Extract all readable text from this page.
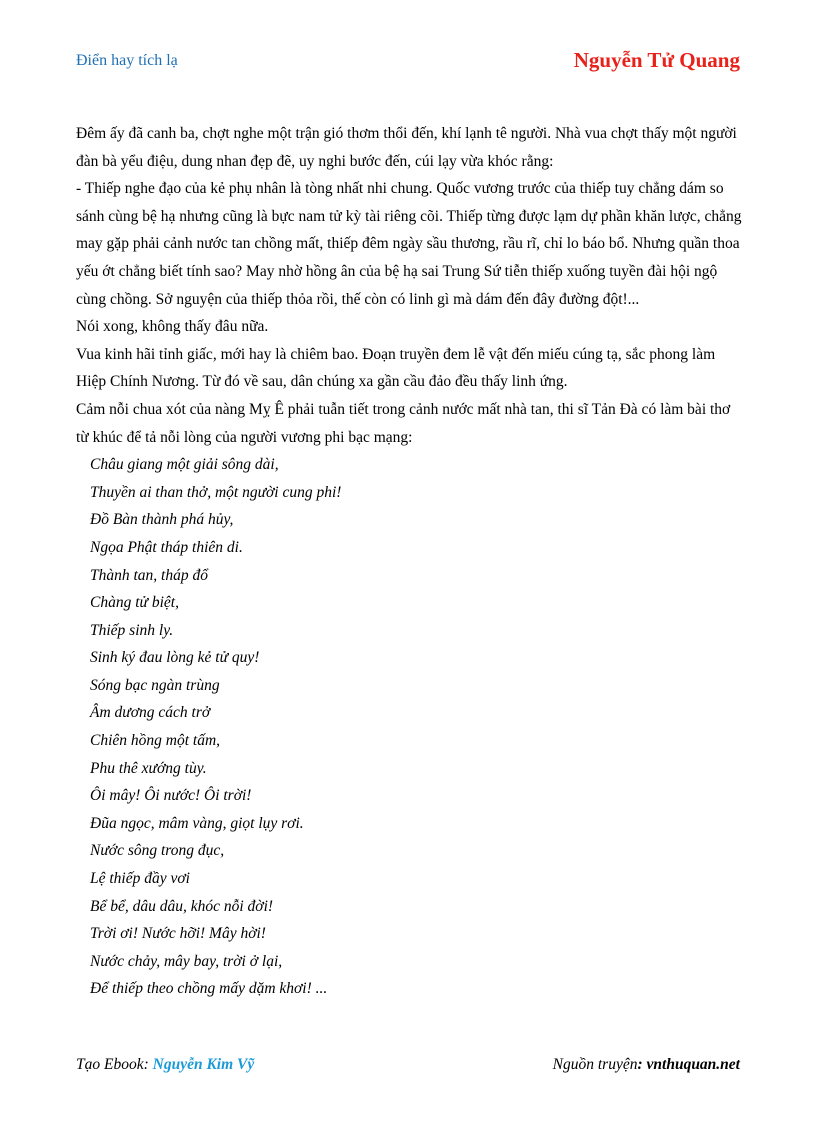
Điển hay tích lạ	Nguyễn Tử Quang

Đêm ấy đã canh ba, chợt nghe một trận gió thơm thổi đến, khí lạnh tê người. Nhà vua chợt thấy một người đàn bà yểu điệu, dung nhan đẹp đẽ, uy nghi bước đến, cúi lạy vừa khóc rằng:

- Thiếp nghe đạo của kẻ phụ nhân là tòng nhất nhi chung. Quốc vương trước của thiếp tuy chẳng dám so sánh cùng bệ hạ nhưng cũng là bực nam tử kỳ tài riêng cõi. Thiếp từng được lạm dự phần khăn lược, chẳng may gặp phải cảnh nước tan chồng mất, thiếp đêm ngày sầu thương, rầu rĩ, chỉ lo báo bổ. Nhưng quần thoa yếu ớt chẳng biết tính sao? May nhờ hồng ân của bệ hạ sai Trung Sứ tiễn thiếp xuống tuyền đài hội ngộ cùng chồng. Sở nguyện của thiếp thỏa rồi, thế còn có linh gì mà dám đến đây đường đột!...

Nói xong, không thấy đâu nữa.

Vua kinh hãi tỉnh giấc, mới hay là chiêm bao. Đoạn truyền đem lễ vật đến miếu cúng tạ, sắc phong làm Hiệp Chính Nương. Từ đó về sau, dân chúng xa gần cầu đảo đều thấy linh ứng.

Cảm nỗi chua xót của nàng Mỵ Ê phải tuẫn tiết trong cảnh nước mất nhà tan, thi sĩ Tản Đà có làm bài thơ từ khúc để tả nỗi lòng của người vương phi bạc mạng:

Châu giang một giải sông dài,
Thuyền ai than thở, một người cung phi!
Đồ Bàn thành phá hủy,
Ngọa Phật tháp thiên di.
Thành tan, tháp đổ
Chàng tử biệt,
Thiếp sinh ly.
Sinh ký đau lòng kẻ tử quy!
Sóng bạc ngàn trùng
Âm dương cách trở
Chiên hồng một tấm,
Phu thê xướng tùy.
Ôi mây! Ôi nước! Ôi trời!
Đũa ngọc, mâm vàng, giọt lụy rơi.
Nước sông trong đục,
Lệ thiếp đầy vơi
Bể bể, dâu dâu, khóc nỗi đời!
Trời ơi! Nước hỡi! Mây hời!
Nước chảy, mây bay, trời ở lại,
Để thiếp theo chồng mấy dặm khơi! ...
Tạo Ebook: Nguyễn Kim Vỹ	Nguồn truyện: vnthuquan.net
